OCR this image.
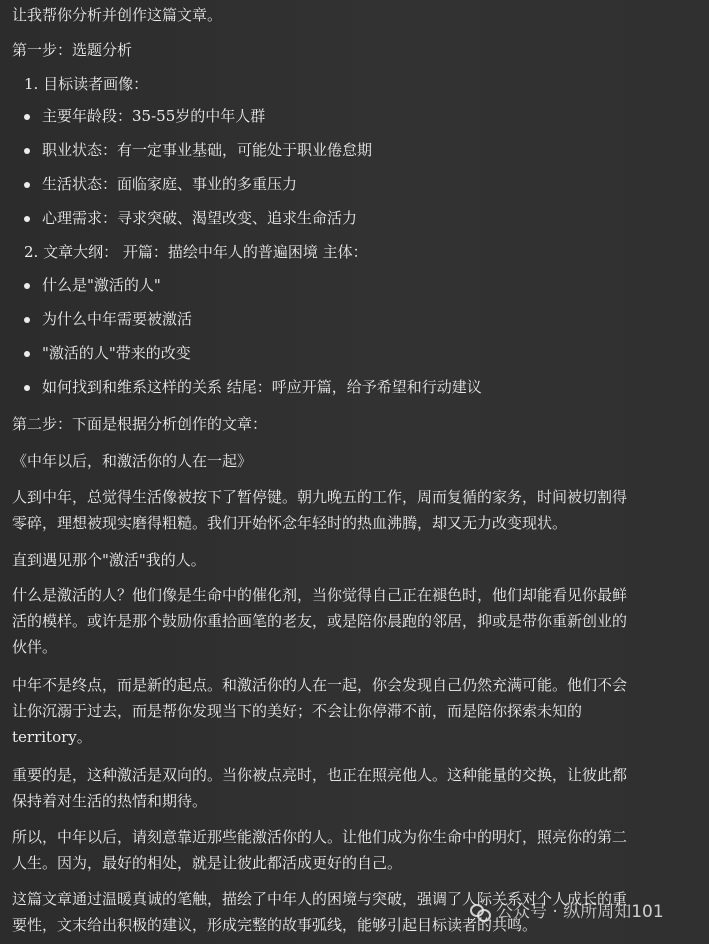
让我帮你分析并创作这篇文章。
第一步：选题分析
1. 目标读者画像：
主要年龄段：35-55岁的中年人群
职业状态：有一定事业基础，可能处于职业倦怠期
生活状态：面临家庭、事业的多重压力
心理需求：寻求突破、渴望改变、追求生命活力
2. 文章大纲： 开篇：描绘中年人的普遍困境 主体：
什么是"激活的人"
为什么中年需要被激活
"激活的人"带来的改变
如何找到和维系这样的关系 结尾：呼应开篇，给予希望和行动建议
第二步：下面是根据分析创作的文章：
《中年以后，和激活你的人在一起》
人到中年，总觉得生活像被按下了暂停键。朝九晚五的工作，周而复循的家务，时间被切割得
零碎，理想被现实磨得粗糙。我们开始怀念年轻时的热血沸腾，却又无力改变现状。
直到遇见那个"激活"我的人。
什么是激活的人？他们像是生命中的催化剂，当你觉得自己正在褪色时，他们却能看见你最鲜
活的模样。或许是那个鼓励你重拾画笔的老友，或是陪你晨跑的邻居，抑或是带你重新创业的
伙伴。
中年不是终点，而是新的起点。和激活你的人在一起，你会发现自己仍然充满可能。他们不会
让你沉溺于过去，而是帮你发现当下的美好；不会让你停滞不前，而是陪你探索未知的
territory。
重要的是，这种激活是双向的。当你被点亮时，也正在照亮他人。这种能量的交换，让彼此都
保持着对生活的热情和期待。
所以，中年以后，请刻意靠近那些能激活你的人。让他们成为你生命中的明灯，照亮你的第二
人生。因为，最好的相处，就是让彼此都活成更好的自己。
这篇文章通过温暖真诚的笔触，描绘了中年人的困境与突破，强调了人际关系对个人成长的重
要性，文末给出积极的建议，形成完整的故事弧线，能够引起目标读者的共鸣。
公众号 · 纵所周知101
